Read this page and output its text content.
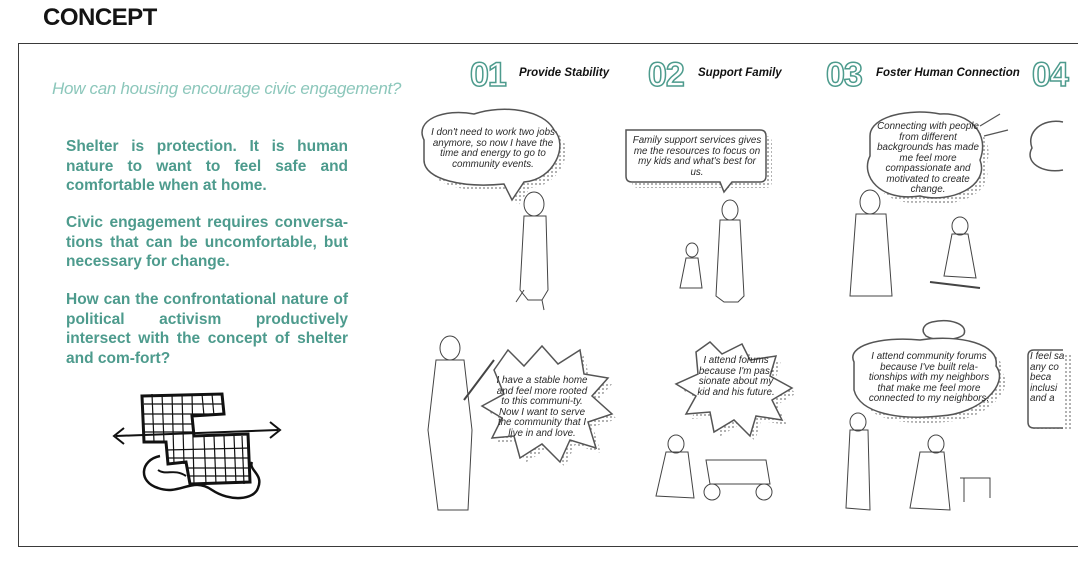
CONCEPT
How can housing encourage civic engagement?

Shelter is protection. It is human nature to want to feel safe and comfortable when at home.

Civic engagement requires conversa-tions that can be uncomfortable, but necessary for change.

How can the confrontational nature of political activism productively intersect with the concept of shelter and com-fort?

01 Provide Stability 02 Support Family 03 Foster Human Connection 04

I don't need to work two jobs anymore, so now I have the time and energy to go to community events.

Family support services gives me the resources to focus on my kids and what's best for us.

Connecting with people from different backgrounds has made me feel more compassionate and motivated to create change.

I have a stable home and feel more rooted to this communi-ty. Now I want to serve the community that I live in and love.

I attend forums because I'm pas-sionate about my kid and his future.

I attend community forums because I've built rela-tionships with my neighbors that make me feel more connected to my neighbors.

I feel sa any co beca inclusi and a
